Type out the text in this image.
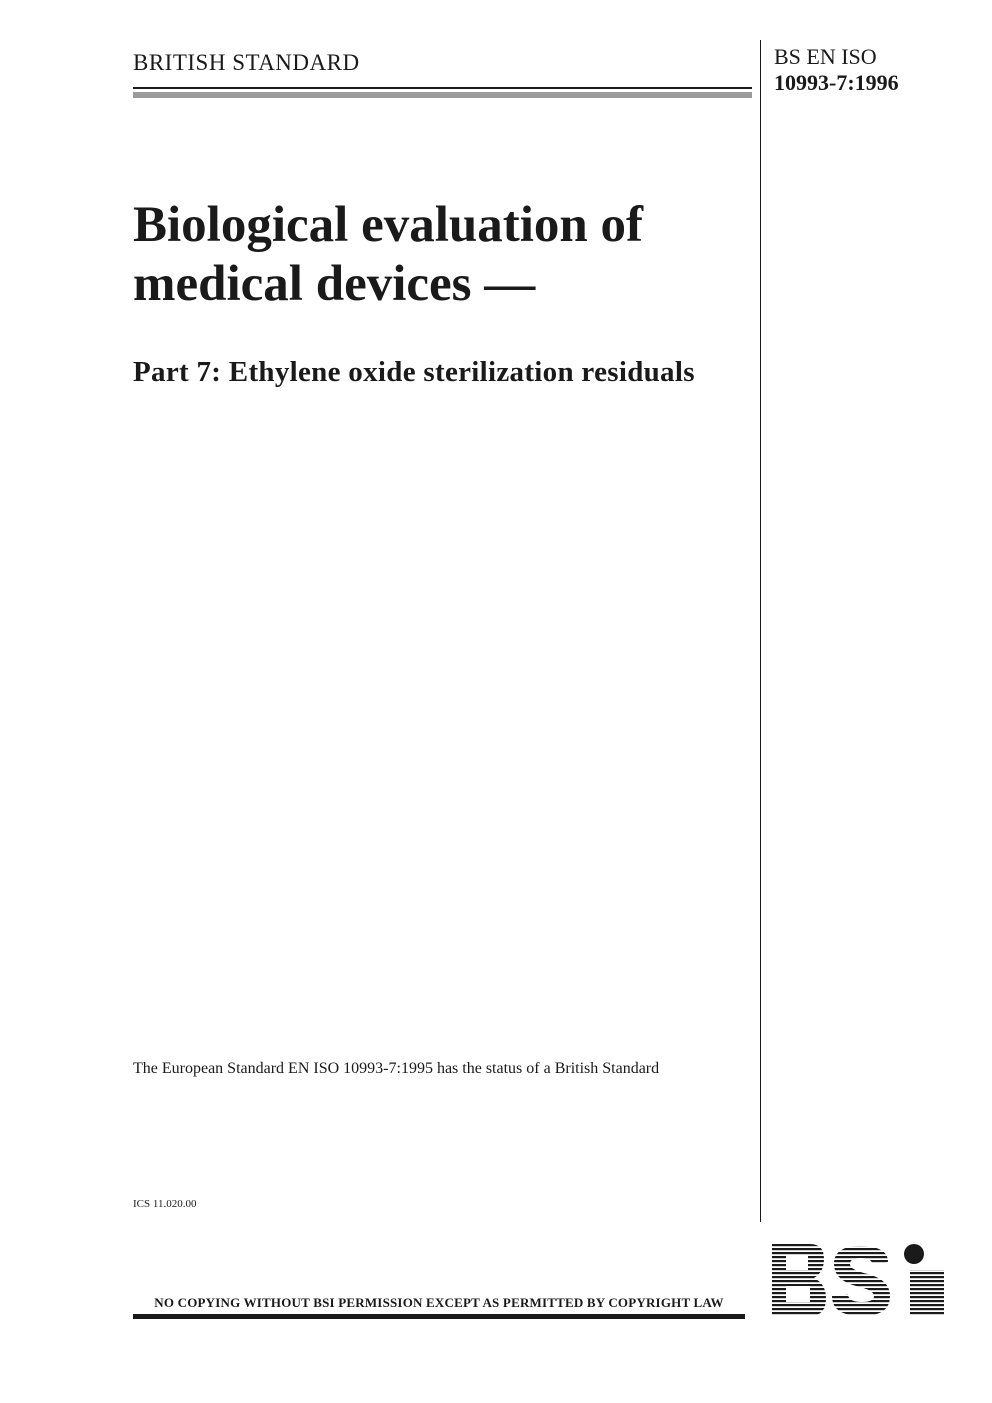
BRITISH STANDARD	BS EN ISO
10993-7:1996
Biological evaluation of medical devices —
Part 7: Ethylene oxide sterilization residuals
The European Standard EN ISO 10993-7:1995 has the status of a British Standard
ICS 11.020.00
NO COPYING WITHOUT BSI PERMISSION EXCEPT AS PERMITTED BY COPYRIGHT LAW
